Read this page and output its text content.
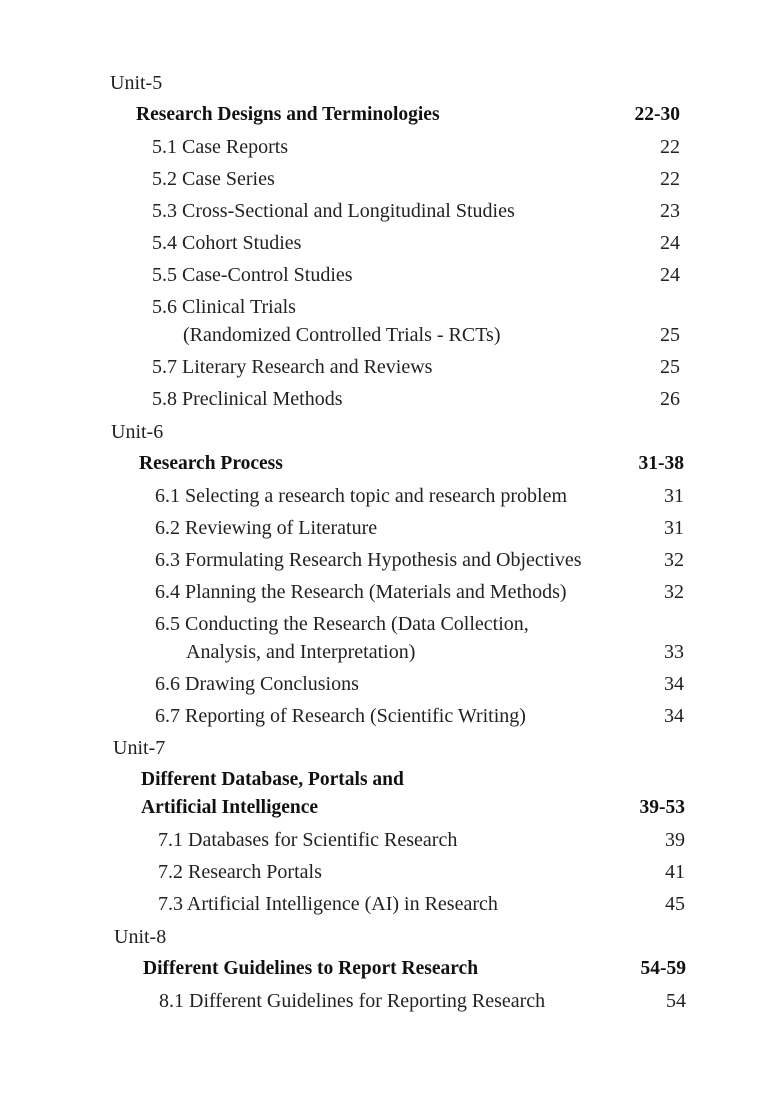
Unit-5
Research Designs and Terminologies	22-30
5.1 Case Reports	22
5.2 Case Series	22
5.3 Cross-Sectional and Longitudinal Studies	23
5.4 Cohort Studies	24
5.5 Case-Control Studies	24
5.6 Clinical Trials
(Randomized Controlled Trials - RCTs)	25
5.7 Literary Research and Reviews	25
5.8 Preclinical Methods	26
Unit-6
Research Process	31-38
6.1 Selecting a research topic and research problem	31
6.2 Reviewing of Literature	31
6.3 Formulating Research Hypothesis and Objectives	32
6.4 Planning the Research (Materials and Methods)	32
6.5 Conducting the Research (Data Collection,
Analysis, and Interpretation)	33
6.6 Drawing Conclusions	34
6.7 Reporting of Research (Scientific Writing)	34
Unit-7
Different Database, Portals and
Artificial Intelligence	39-53
7.1 Databases for Scientific Research	39
7.2 Research Portals	41
7.3 Artificial Intelligence (AI) in Research	45
Unit-8
Different Guidelines to Report Research	54-59
8.1 Different Guidelines for Reporting Research	54
